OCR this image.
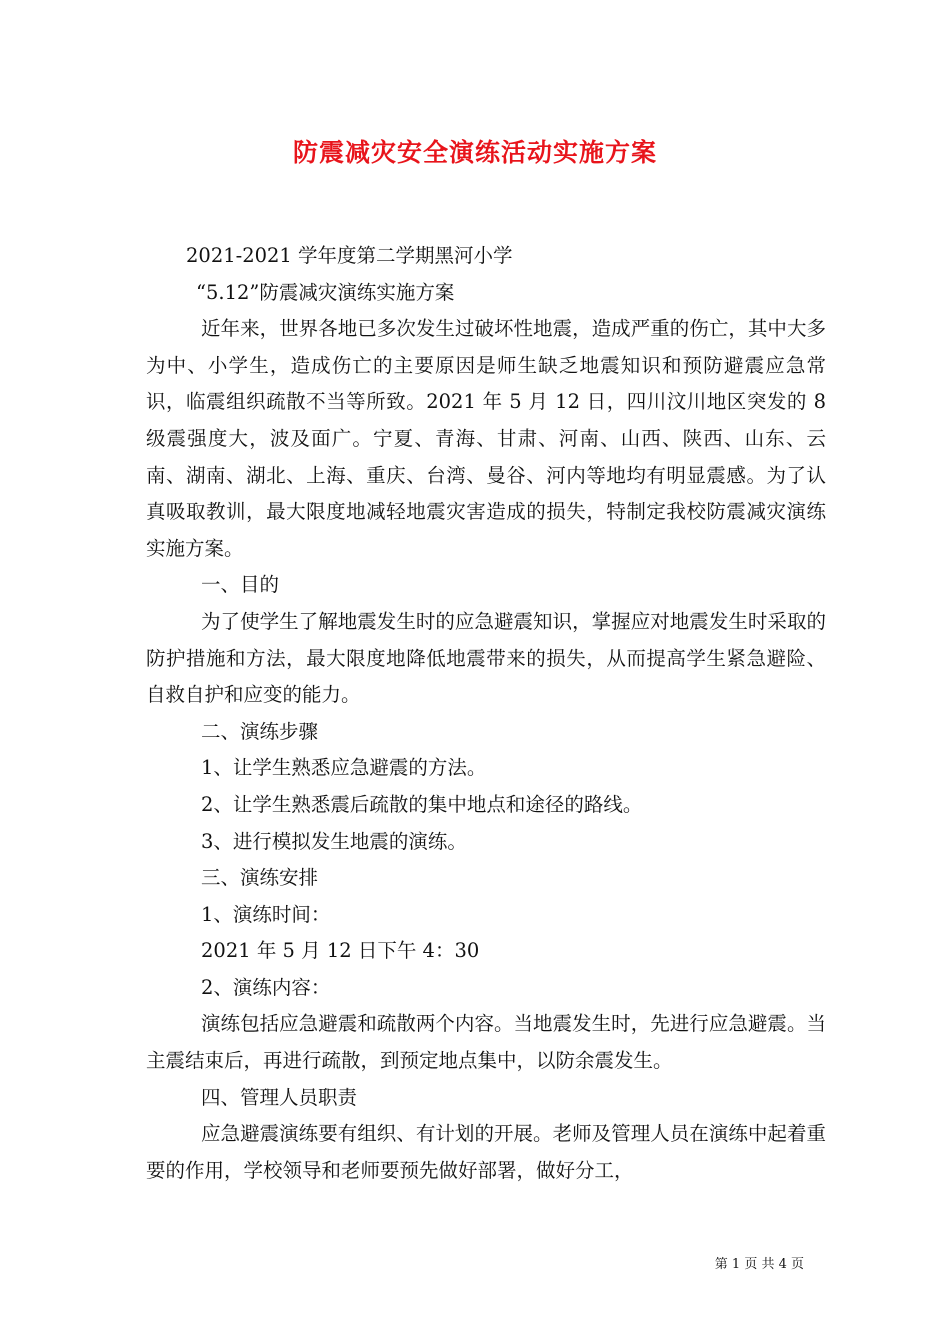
防震减灾安全演练活动实施方案
2021-2021 学年度第二学期黑河小学
“5.12”防震减灾演练实施方案
近年来，世界各地已多次发生过破坏性地震，造成严重的伤亡，其中大多为中、小学生，造成伤亡的主要原因是师生缺乏地震知识和预防避震应急常识，临震组织疏散不当等所致。2021 年 5 月 12 日，四川汶川地区突发的 8 级震强度大，波及面广。宁夏、青海、甘肃、河南、山西、陕西、山东、云南、湖南、湖北、上海、重庆、台湾、曼谷、河内等地均有明显震感。为了认真吸取教训，最大限度地减轻地震灾害造成的损失，特制定我校防震减灾演练实施方案。
一、目的
为了使学生了解地震发生时的应急避震知识，掌握应对地震发生时采取的防护措施和方法，最大限度地降低地震带来的损失，从而提高学生紧急避险、自救自护和应变的能力。
二、演练步骤
1、让学生熟悉应急避震的方法。
2、让学生熟悉震后疏散的集中地点和途径的路线。
3、进行模拟发生地震的演练。
三、演练安排
1、演练时间：
2021 年 5 月 12 日下午 4：30
2、演练内容：
演练包括应急避震和疏散两个内容。当地震发生时，先进行应急避震。当主震结束后，再进行疏散，到预定地点集中，以防余震发生。
四、管理人员职责
应急避震演练要有组织、有计划的开展。老师及管理人员在演练中起着重要的作用，学校领导和老师要预先做好部署，做好分工，
第 1 页 共 4 页
